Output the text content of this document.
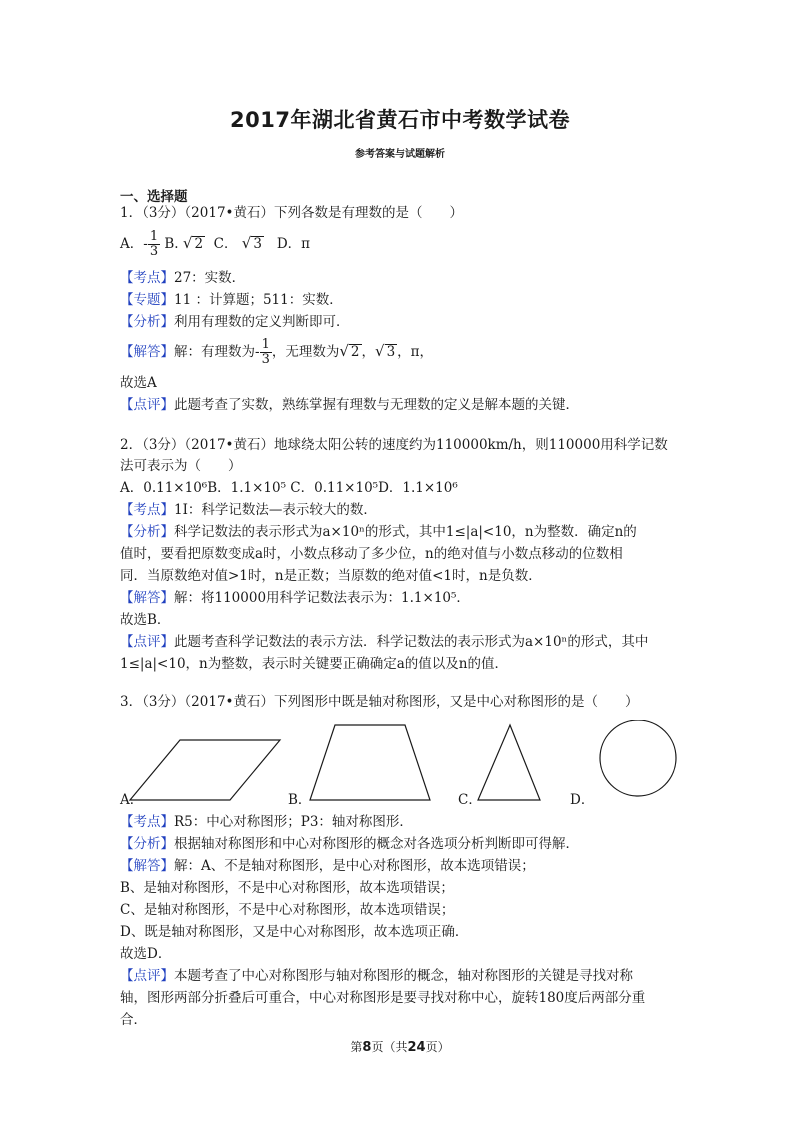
2017年湖北省黄石市中考数学试卷
参考答案与试题解析
一、选择题
1．（3分）（2017•黄石）下列各数是有理数的是（　　）
A．- $\frac{1}{3} B$. √ 2 C． √ 3 D．π
【考点】27：实数．
【专题】11 ：计算题；511：实数．
【分析】利用有理数的定义判断即可．
【解答】解：有理数为- $\frac{1}{3}$ ，无理数为√ 2 ，√ 3 ，π，
故选A
【点评】此题考查了实数，熟练掌握有理数与无理数的定义是解本题的关键．
2．（3分）（2017•黄石）地球绕太阳公转的速度约为110000km/h，则110000用科学记数
法可表示为（　　）
A．0.11×10⁶B．1.1×10⁵ C．0.11×10⁵D．1.1×10⁶
【考点】1I：科学记数法—表示较大的数．
【分析】科学记数法的表示形式为a×10ⁿ的形式，其中1≤|a|<10，n为整数．确定n的
值时，要看把原数变成a时，小数点移动了多少位，n的绝对值与小数点移动的位数相
同．当原数绝对值>1时，n是正数；当原数的绝对值<1时，n是负数．
【解答】解：将110000用科学记数法表示为：1.1×10⁵．
故选B．
【点评】此题考查科学记数法的表示方法．科学记数法的表示形式为a×10ⁿ的形式，其中
1≤|a|<10，n为整数，表示时关键要正确确定a的值以及n的值．
3．（3分）（2017•黄石）下列图形中既是轴对称图形，又是中心对称图形的是（　　）
A．	B．	C．	D．
【考点】R5：中心对称图形；P3：轴对称图形．
【分析】根据轴对称图形和中心对称图形的概念对各选项分析判断即可得解．
【解答】解：A、不是轴对称图形，是中心对称图形，故本选项错误；
B、是轴对称图形，不是中心对称图形，故本选项错误；
C、是轴对称图形，不是中心对称图形，故本选项错误；
D、既是轴对称图形，又是中心对称图形，故本选项正确．
故选D．
【点评】本题考查了中心对称图形与轴对称图形的概念，轴对称图形的关键是寻找对称
轴，图形两部分折叠后可重合，中心对称图形是要寻找对称中心，旋转180度后两部分重
合．
第8页（共24页）
